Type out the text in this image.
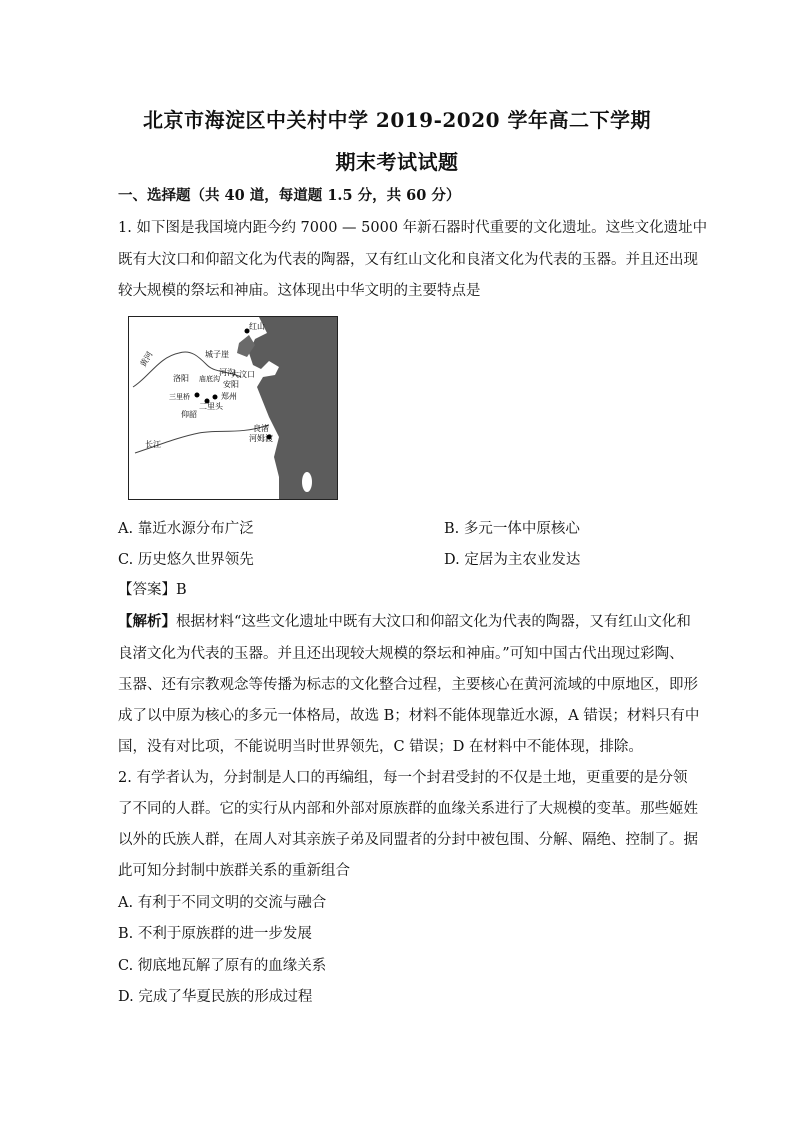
北京市海淀区中关村中学 2019-2020 学年高二下学期
期末考试试题
一、选择题（共 40 道，每道题 1.5 分，共 60 分）
1. 如下图是我国境内距今约 7000 — 5000 年新石器时代重要的文化遗址。这些文化遗址中
既有大汶口和仰韶文化为代表的陶器，又有红山文化和良渚文化为代表的玉器。并且还出现
较大规模的祭坛和神庙。这体现出中华文明的主要特点是
红山
黄河	城子崖
洛阳
河沟
安阳
大汶口
三里桥
庙底沟
郑州
二里头
仰韶
长江
良渚
河姆渡
A. 靠近水源分布广泛	B. 多元一体中原核心
C. 历史悠久世界领先	D. 定居为主农业发达
【答案】B
【解析】根据材料“这些文化遗址中既有大汶口和仰韶文化为代表的陶器，又有红山文化和
良渚文化为代表的玉器。并且还出现较大规模的祭坛和神庙。”可知中国古代出现过彩陶、
玉器、还有宗教观念等传播为标志的文化整合过程，主要核心在黄河流域的中原地区，即形
成了以中原为核心的多元一体格局，故选 B；材料不能体现靠近水源，A 错误；材料只有中
国，没有对比项，不能说明当时世界领先，C 错误；D 在材料中不能体现，排除。
2. 有学者认为，分封制是人口的再编组，每一个封君受封的不仅是土地，更重要的是分领
了不同的人群。它的实行从内部和外部对原族群的血缘关系进行了大规模的变革。那些姬姓
以外的氏族人群，在周人对其亲族子弟及同盟者的分封中被包围、分解、隔绝、控制了。据
此可知分封制中族群关系的重新组合
A. 有利于不同文明的交流与融合
B. 不利于原族群的进一步发展
C. 彻底地瓦解了原有的血缘关系
D. 完成了华夏民族的形成过程
